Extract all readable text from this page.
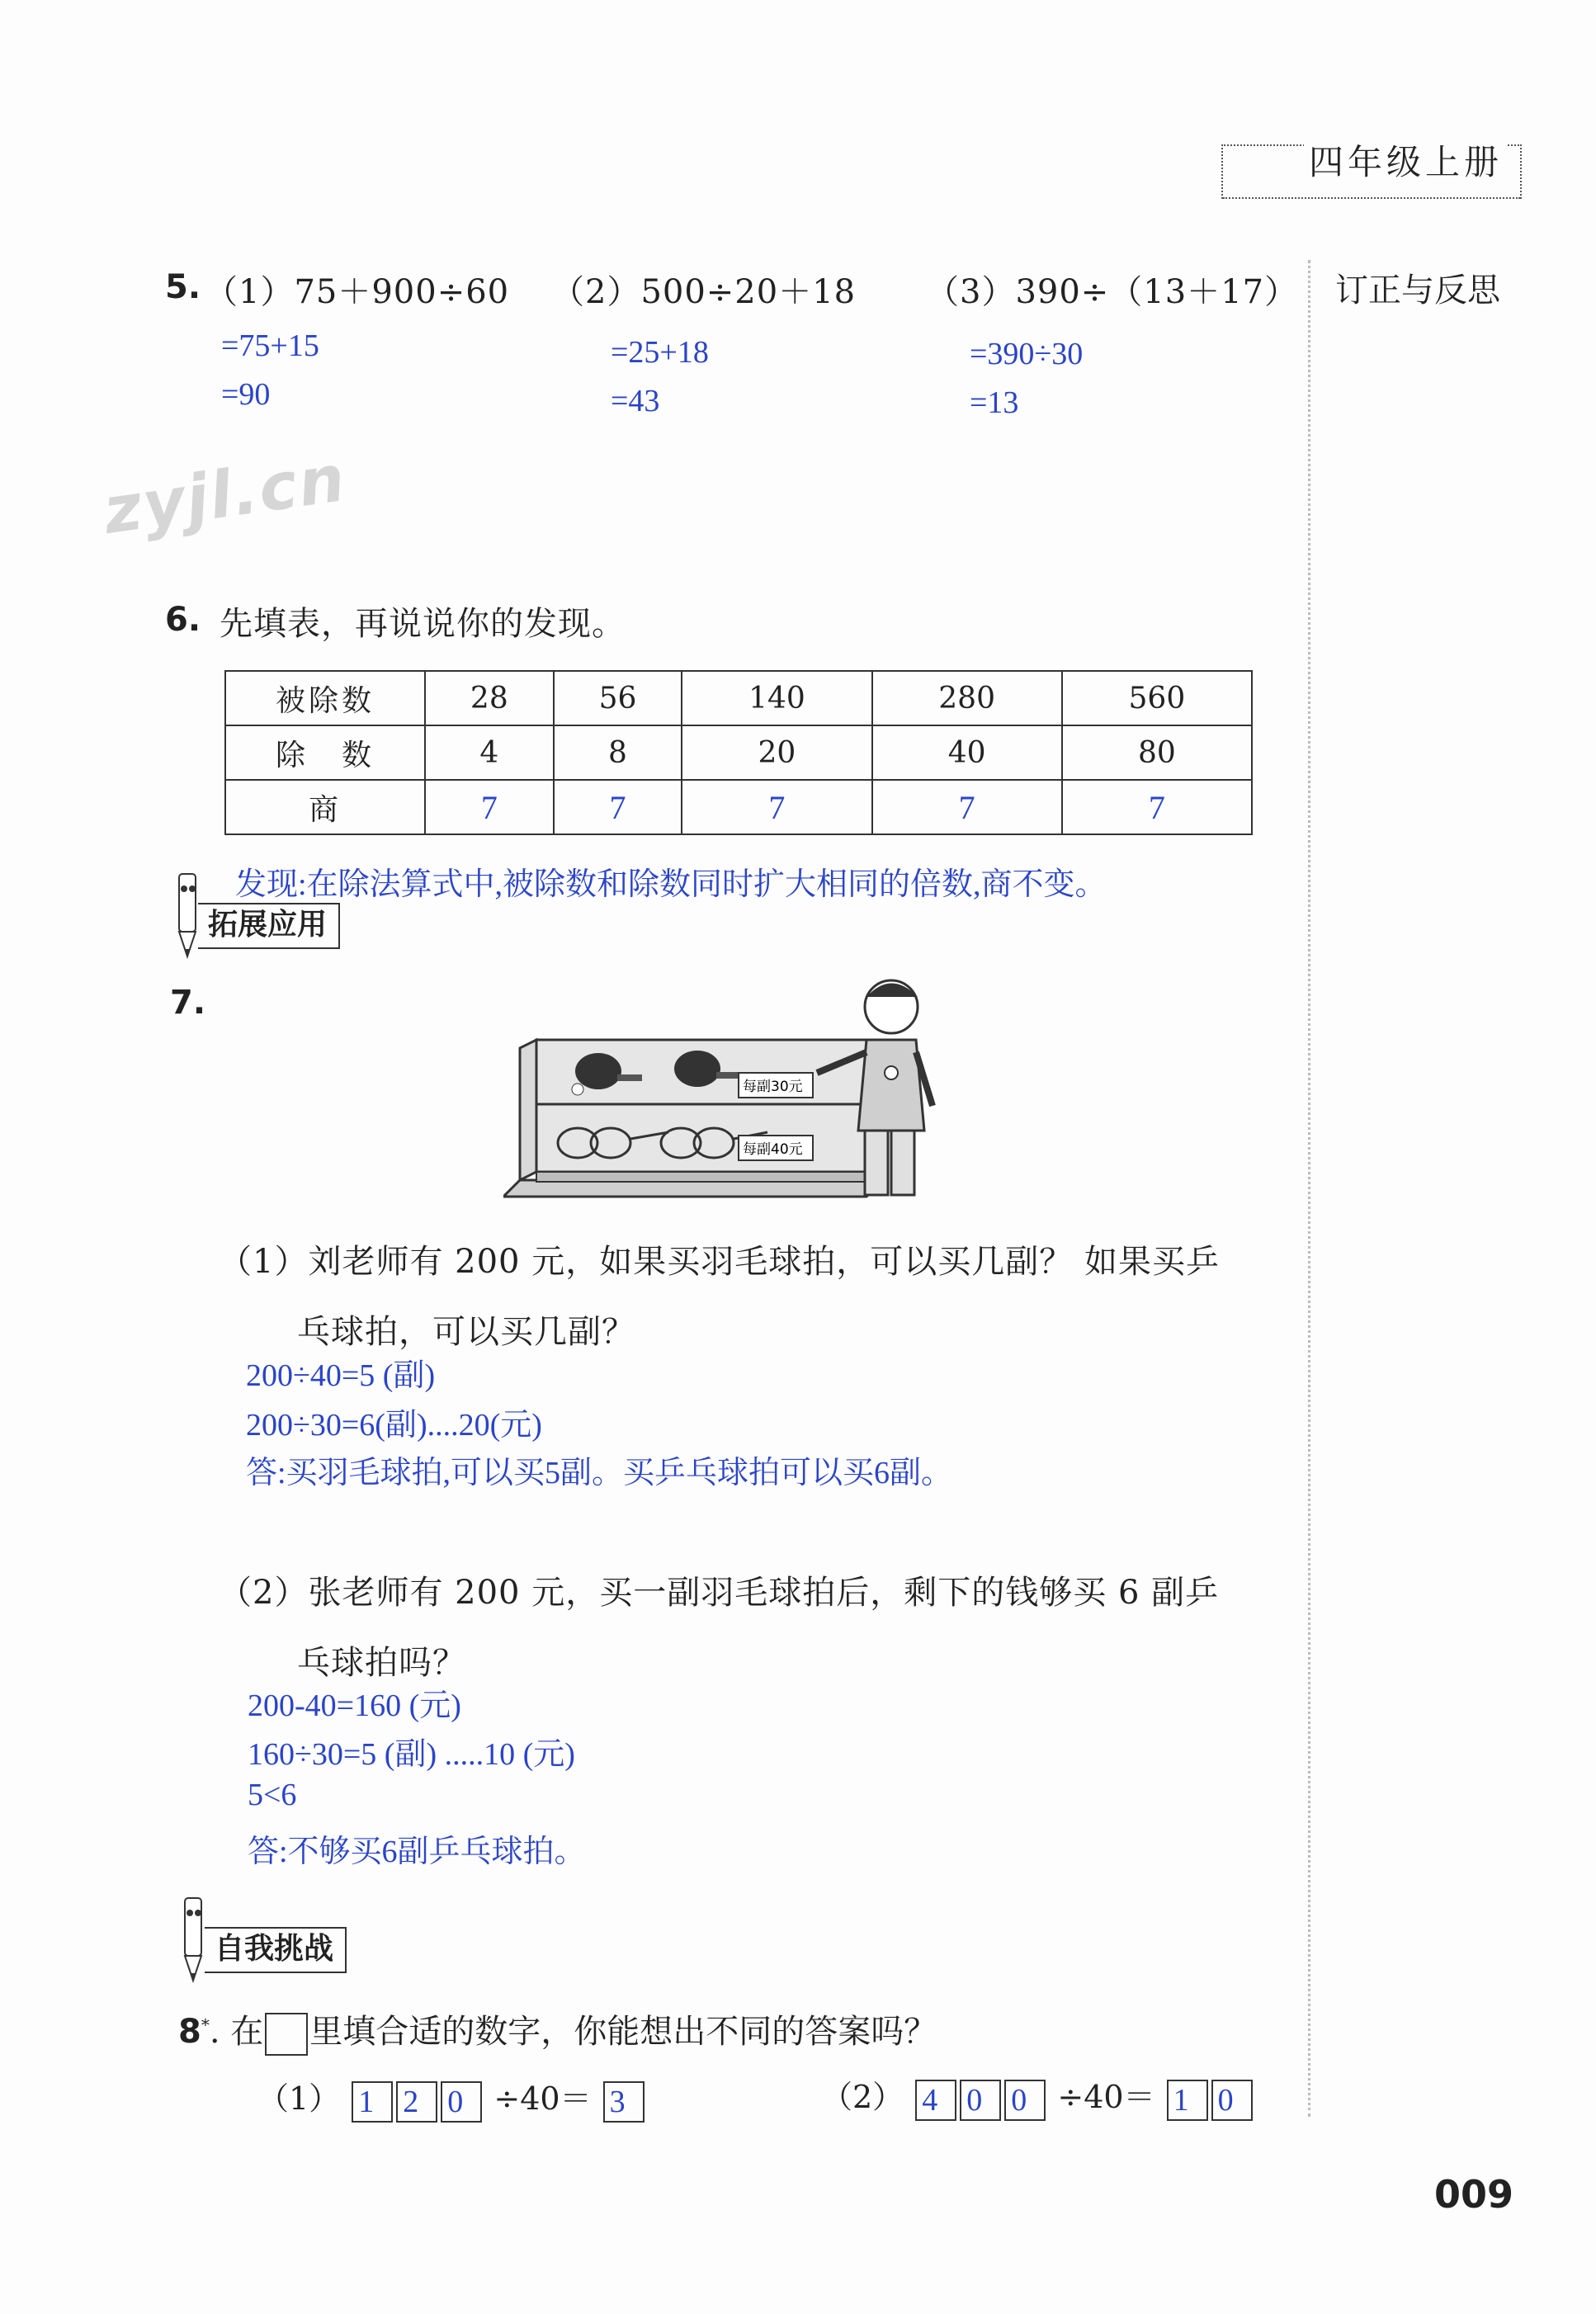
四年级上册
订正与反思
zyjl.cn
5. （1）75＋900÷60 （2）500÷20＋18 （3）390÷（13＋17）
=75+15
=90
=25+18
=43
=390÷30
=13
6. 先填表，再说说你的发现。
被除数	28	56	140	280	560
除　数	4	8	20	40	80
商	7	7	7	7	7
发现:在除法算式中,被除数和除数同时扩大相同的倍数,商不变。
拓展应用
7.
每副30元
每副40元
（1）刘老师有 200 元，如果买羽毛球拍，可以买几副？ 如果买乒
乓球拍，可以买几副？
200÷40=5 (副)
200÷30=6(副)....20(元)
答:买羽毛球拍,可以买5副。买乒乓球拍可以买6副。
（2）张老师有 200 元，买一副羽毛球拍后，剩下的钱够买 6 副乒
乓球拍吗？
200-40=160 (元)
160÷30=5 (副) .....10 (元)
5<6
答:不够买6副乒乓球拍。
自我挑战
8*. 在 里填合适的数字，你能想出不同的答案吗？
（1） 1 2 0 ÷40＝ 3	（2） 4 0 0 ÷40＝ 1 0
009
